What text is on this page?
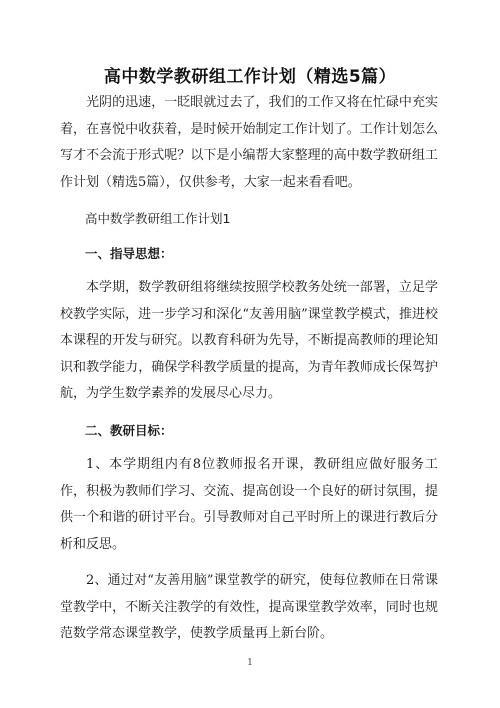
高中数学教研组工作计划（精选5篇）

光阴的迅速，一眨眼就过去了，我们的工作又将在忙碌中充实着，在喜悦中收获着，是时候开始制定工作计划了。工作计划怎么写才不会流于形式呢？以下是小编帮大家整理的高中数学教研组工作计划（精选5篇），仅供参考，大家一起来看看吧。

高中数学教研组工作计划1

一、指导思想：

本学期，数学教研组将继续按照学校教务处统一部署，立足学校教学实际，进一步学习和深化“友善用脑”课堂教学模式，推进校本课程的开发与研究。以教育科研为先导，不断提高教师的理论知识和教学能力，确保学科教学质量的提高，为青年教师成长保驾护航，为学生数学素养的发展尽心尽力。

二、教研目标：

1、本学期组内有8位教师报名开课，教研组应做好服务工作，积极为教师们学习、交流、提高创设一个良好的研讨氛围，提供一个和谐的研讨平台。引导教师对自己平时所上的课进行教后分析和反思。

2、通过对“友善用脑”课堂教学的研究，使每位教师在日常课堂教学中，不断关注教学的有效性，提高课堂教学效率，同时也规范数学常态课堂教学，使教学质量再上新台阶。

1
